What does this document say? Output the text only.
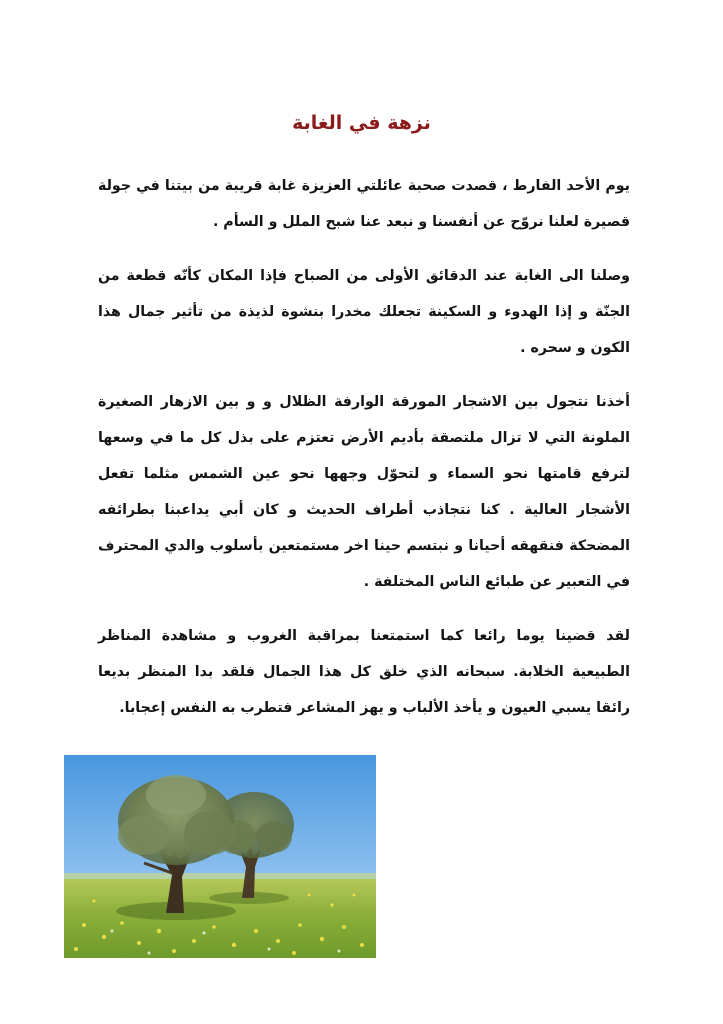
نزهة في الغابة

يوم الأحد الفارط ، قصدت صحبة عائلتي العزيزة غابة قريبة من بيتنا في جولة قصيرة لعلنا نروّح عن أنفسنا و نبعد عنا شبح الملل و السأم .

وصلنا الى الغابة عند الدقائق الأولى من الصباح فإذا المكان كأنّه قطعة من الجنّة و إذا الهدوء و السكينة تجعلك مخدرا بنشوة لذيذة من تأثير جمال هذا الكون و سحره .

أخذنا نتجول بين الاشجار المورقة الوارفة الظلال و و بين الازهار الصغيرة الملونة التي لا تزال ملتصقة بأديم الأرض تعتزم على بذل كل ما في وسعها لترفع قامتها نحو السماء و لتحوّل وجهها نحو عين الشمس مثلما تفعل الأشجار العالية . كنا نتجاذب أطراف الحديث و كان أبي يداعبنا بطرائفه المضحكة فنقهقه أحيانا و نبتسم حينا اخر مستمتعين بأسلوب والدي المحترف في التعبير عن طبائع الناس المختلفة .

لقد قضينا يوما رائعا كما استمتعنا بمراقبة الغروب و مشاهدة المناظر الطبيعية الخلابة. سبحانه الذي خلق كل هذا الجمال فلقد بدا المنظر بديعا رائقا يسبي العيون و يأخذ الألباب و يهز المشاعر فتطرب به النفس إعجابا.
